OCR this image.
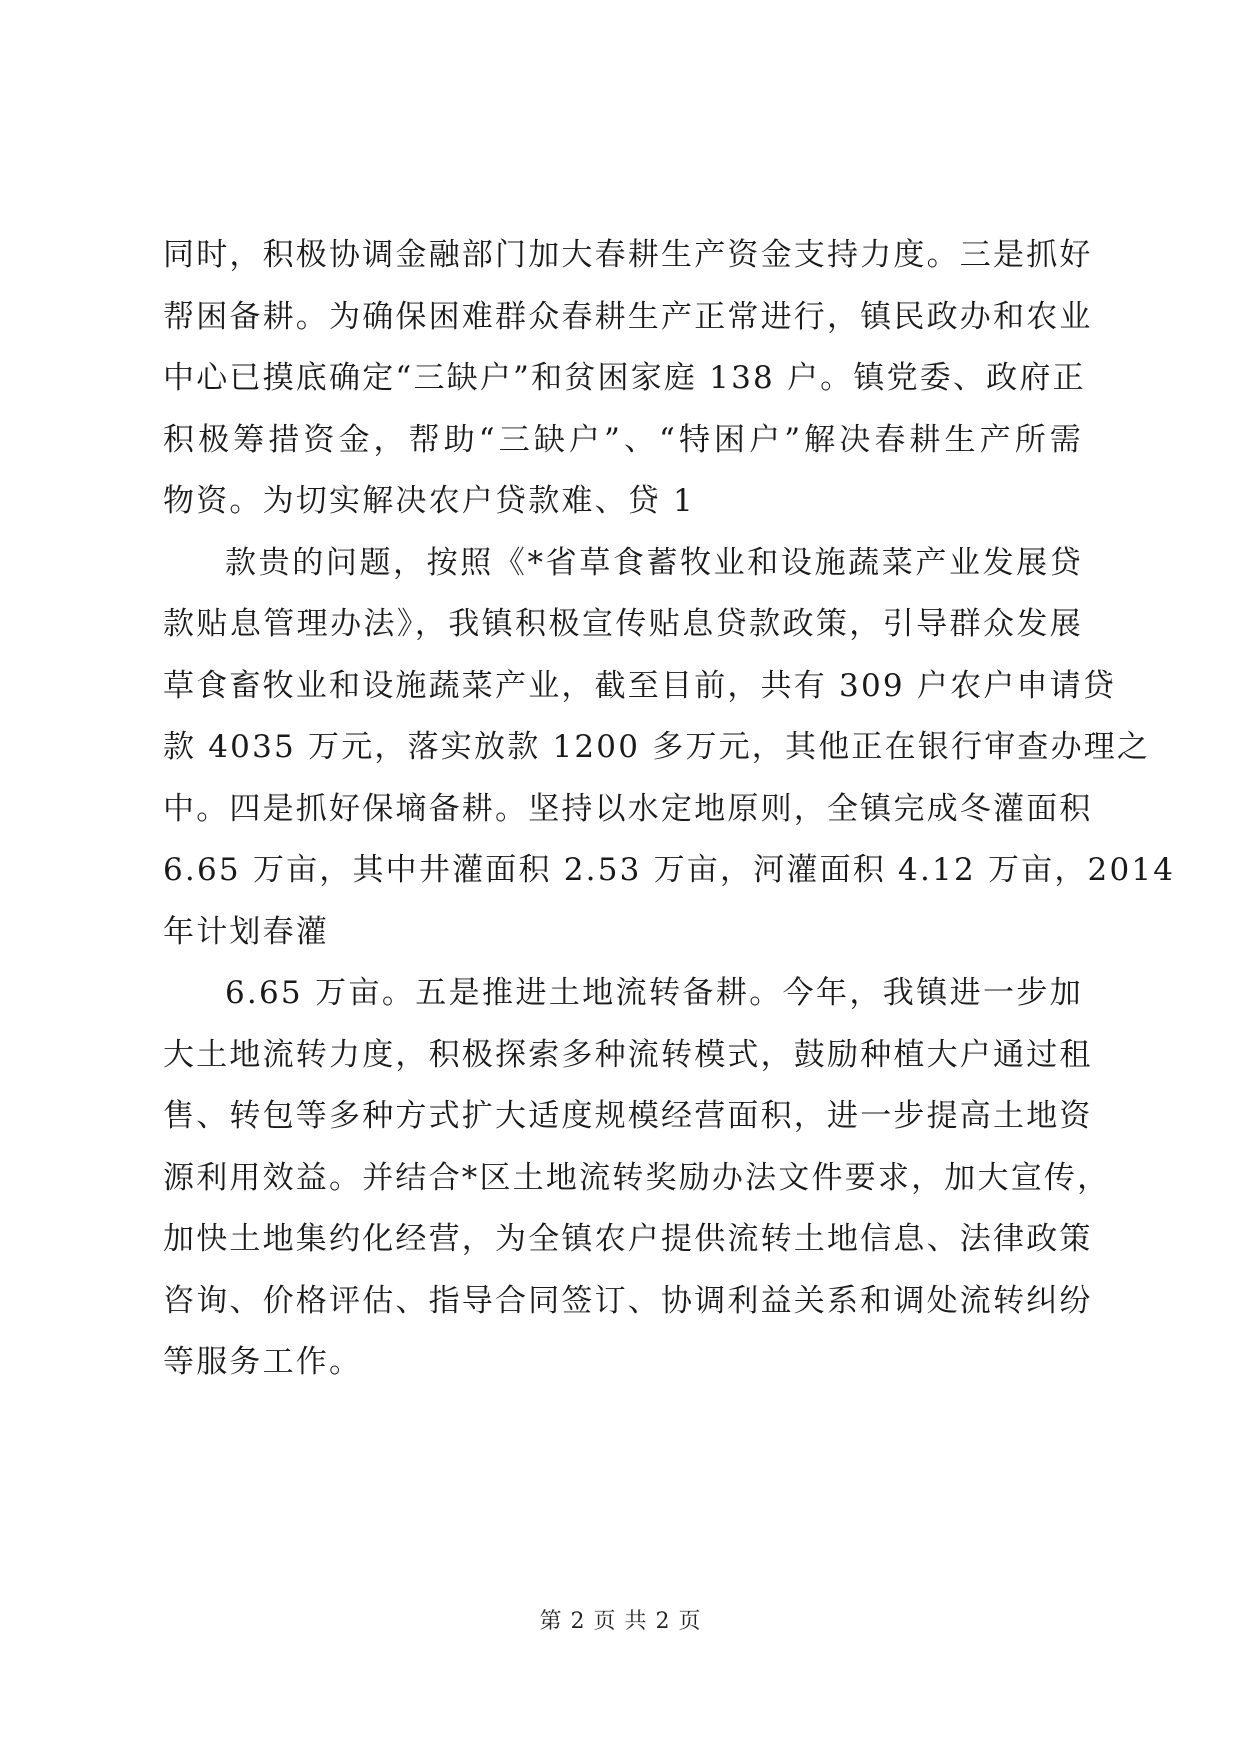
同时，积极协调金融部门加大春耕生产资金支持力度。三是抓好
帮困备耕。为确保困难群众春耕生产正常进行，镇民政办和农业
中心已摸底确定“三缺户”和贫困家庭 138 户。镇党委、政府正
积极筹措资金，帮助“三缺户”、“特困户”解决春耕生产所需
物资。为切实解决农户贷款难、贷 1
款贵的问题，按照《*省草食蓄牧业和设施蔬菜产业发展贷
款贴息管理办法》，我镇积极宣传贴息贷款政策，引导群众发展
草食畜牧业和设施蔬菜产业，截至目前，共有 309 户农户申请贷
款 4035 万元，落实放款 1200 多万元，其他正在银行审查办理之
中。四是抓好保墒备耕。坚持以水定地原则，全镇完成冬灌面积
6.65 万亩，其中井灌面积 2.53 万亩，河灌面积 4.12 万亩，2014
年计划春灌
6.65 万亩。五是推进土地流转备耕。今年，我镇进一步加
大土地流转力度，积极探索多种流转模式，鼓励种植大户通过租
售、转包等多种方式扩大适度规模经营面积，进一步提高土地资
源利用效益。并结合*区土地流转奖励办法文件要求，加大宣传，
加快土地集约化经营，为全镇农户提供流转土地信息、法律政策
咨询、价格评估、指导合同签订、协调利益关系和调处流转纠纷
等服务工作。
第 2 页 共 2 页
